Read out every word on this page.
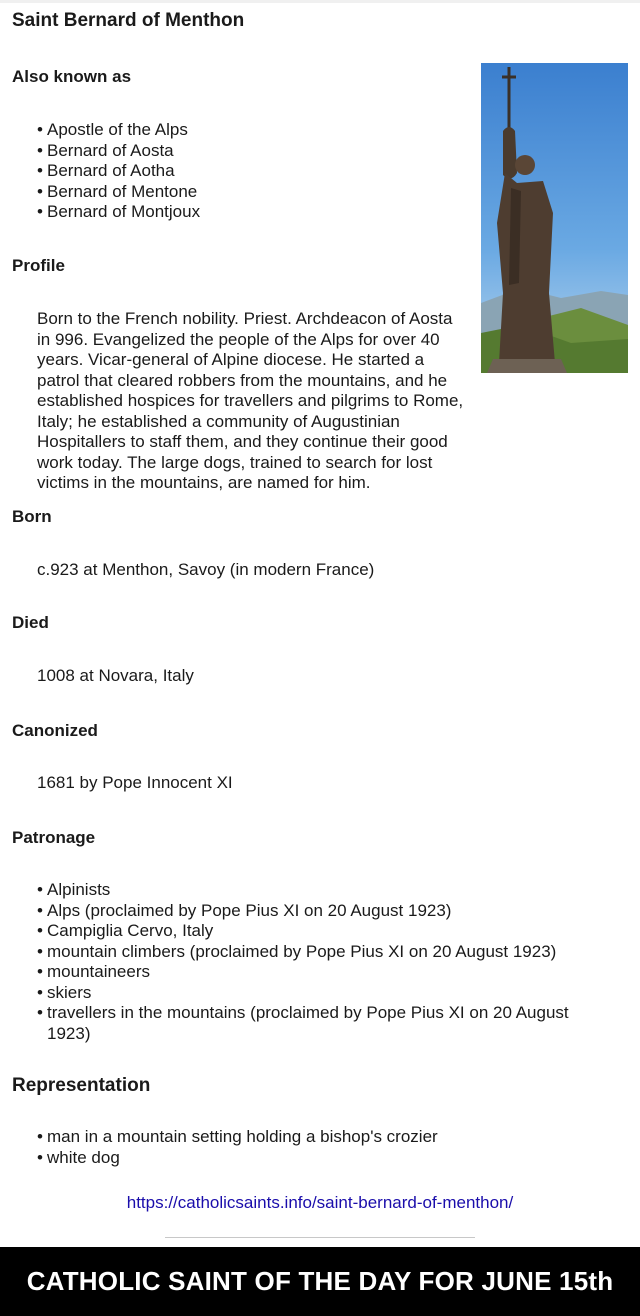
Saint Bernard of Menthon
Also known as
• Apostle of the Alps
• Bernard of Aosta
• Bernard of Aotha
• Bernard of Mentone
• Bernard of Montjoux
Profile

Born to the French nobility. Priest. Archdeacon of Aosta in 996. Evangelized the people of the Alps for over 40 years. Vicar-general of Alpine diocese. He started a patrol that cleared robbers from the mountains, and he established hospices for travellers and pilgrims to Rome, Italy; he established a community of Augustinian Hospitallers to staff them, and they continue their good work today. The large dogs, trained to search for lost victims in the mountains, are named for him.

Born

c.923 at Menthon, Savoy (in modern France)

Died

1008 at Novara, Italy

Canonized

1681 by Pope Innocent XI

Patronage
• Alpinists
• Alps (proclaimed by Pope Pius XI on 20 August 1923)
• Campiglia Cervo, Italy
• mountain climbers (proclaimed by Pope Pius XI on 20 August 1923)
• mountaineers
• skiers
• travellers in the mountains (proclaimed by Pope Pius XI on 20 August 1923)
Representation
• man in a mountain setting holding a bishop's crozier
• white dog
https://catholicsaints.info/saint-bernard-of-menthon/
CATHOLIC SAINT OF THE DAY FOR JUNE 15th
